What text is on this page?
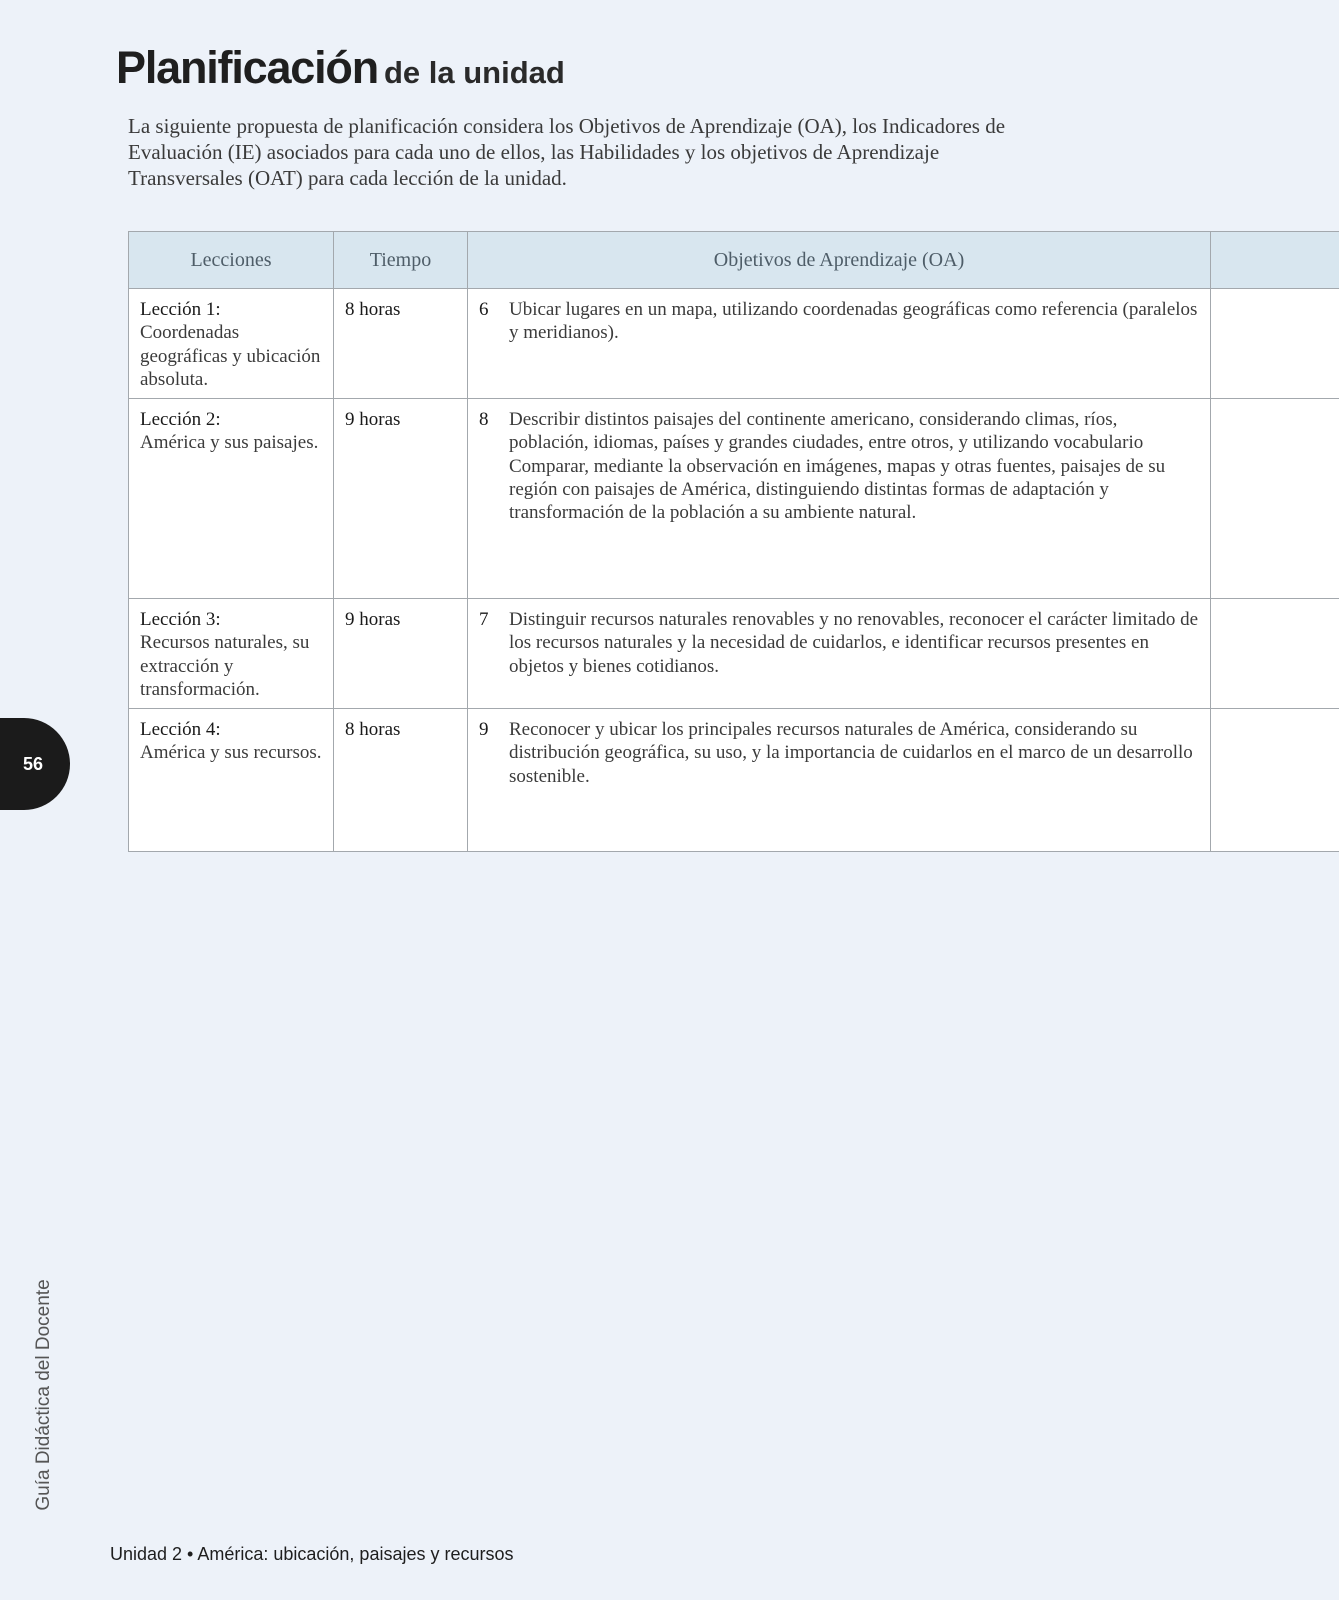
Planificación de la unidad

La siguiente propuesta de planificación considera los Objetivos de Aprendizaje (OA), los Indicadores de Evaluación (IE) asociados para cada uno de ellos, las Habilidades y los objetivos de Aprendizaje Transversales (OAT) para cada lección de la unidad.

Lecciones	Tiempo	Objetivos de Aprendizaje (OA)	

Lección 1:
Coordenadas geográficas y ubicación absoluta.	8 horas	6 Ubicar lugares en un mapa, utilizando coordenadas geográficas como referencia (paralelos y meridianos).	

Lección 2:
América y sus paisajes.	9 horas	8 Describir distintos paisajes del continente americano, considerando climas, ríos, población, idiomas, países y grandes ciudades, entre otros, y utilizando vocabulario Comparar, mediante la observación en imágenes, mapas y otras fuentes, paisajes de su región con paisajes de América, distinguiendo distintas formas de adaptación y transformación de la población a su ambiente natural.	

Lección 3:
Recursos naturales, su extracción y transformación.	9 horas	7 Distinguir recursos naturales renovables y no renovables, reconocer el carácter limitado de los recursos naturales y la necesidad de cuidarlos, e identificar recursos presentes en objetos y bienes cotidianos.	

Lección 4:
América y sus recursos.	8 horas	9 Reconocer y ubicar los principales recursos naturales de América, considerando su distribución geográfica, su uso, y la importancia de cuidarlos en el marco de un desarrollo sostenible.	

56
Guía Didáctica del Docente
Unidad 2 • América: ubicación, paisajes y recursos
